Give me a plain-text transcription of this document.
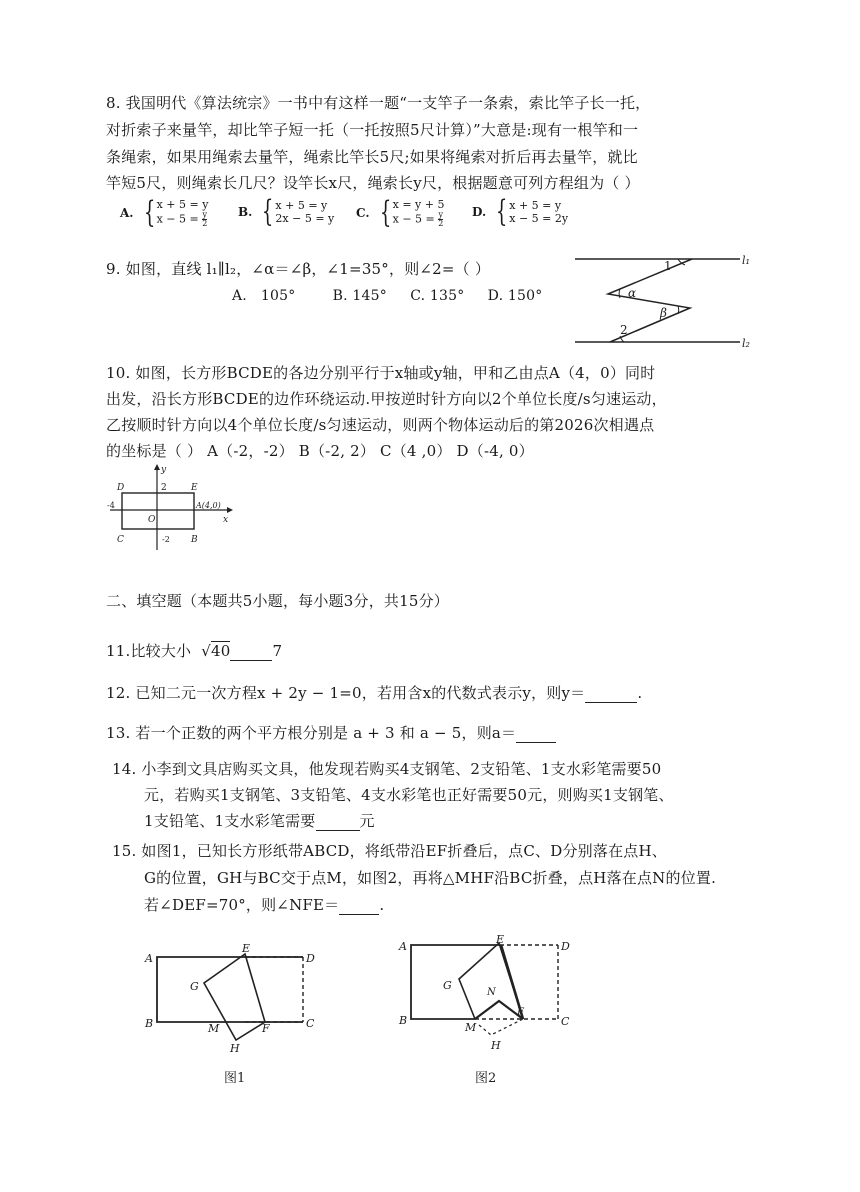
8. 我国明代《算法统宗》一书中有这样一题“一支竿子一条索，索比竿子长一托，
对折索子来量竿，却比竿子短一托（一托按照5尺计算）”大意是:现有一根竿和一
条绳索，如果用绳索去量竿，绳索比竿长5尺;如果将绳索对折后再去量竿，就比
竿短5尺，则绳索长几尺？设竿长x尺，绳索长y尺，根据题意可列方程组为（ ）
A. { x + 5 = y
$x - 5 = \frac{y}{2}$	B. { x + 5 = y
2x − 5 = y C. { x = y + 5
$x - 5 = \frac{y}{2} D$. { x + 5 = y
x − 5 = 2y
9. 如图，直线 l₁∥l₂，∠α＝∠β，∠1=35°，则∠2=（ ）
A.   105°        B. 145°     C. 135°     D. 150°
l₁
l₂
1
α
β
2
10. 如图，长方形BCDE的各边分别平行于x轴或y轴，甲和乙由点A（4，0）同时
出发，沿长方形BCDE的边作环绕运动.甲按逆时针方向以2个单位长度/s匀速运动，
乙按顺时针方向以4个单位长度/s匀速运动，则两个物体运动后的第2026次相遇点
的坐标是（ ） A（-2，-2） B（-2, 2） C（4 ,0） D（-4, 0）
y
x
D	2	E
A(4,0)
-4
O
C	-2 B
二、填空题（本题共5小题，每小题3分，共15分）
11.比较大小 √40	7
12. 已知二元一次方程x + 2y − 1=0，若用含x的代数式表示y，则y＝	.
13. 若一个正数的两个平方根分别是 a + 3 和 a − 5，则a＝
14. 小李到文具店购买文具，他发现若购买4支钢笔、2支铅笔、1支水彩笔需要50
元，若购买1支钢笔、3支铅笔、4支水彩笔也正好需要50元，则购买1支钢笔、
1支铅笔、1支水彩笔需要	元
15. 如图1，已知长方形纸带ABCD，将纸带沿EF折叠后，点C、D分别落在点H、
G的位置，GH与BC交于点M，如图2，再将△MHF沿BC折叠，点H落在点N的位置.
若∠DEF=70°，则∠NFE＝	.
A
E
D
G
B	M	F	C
H
图1
A
E
D
G
N
B
M
F
C
H
图2
